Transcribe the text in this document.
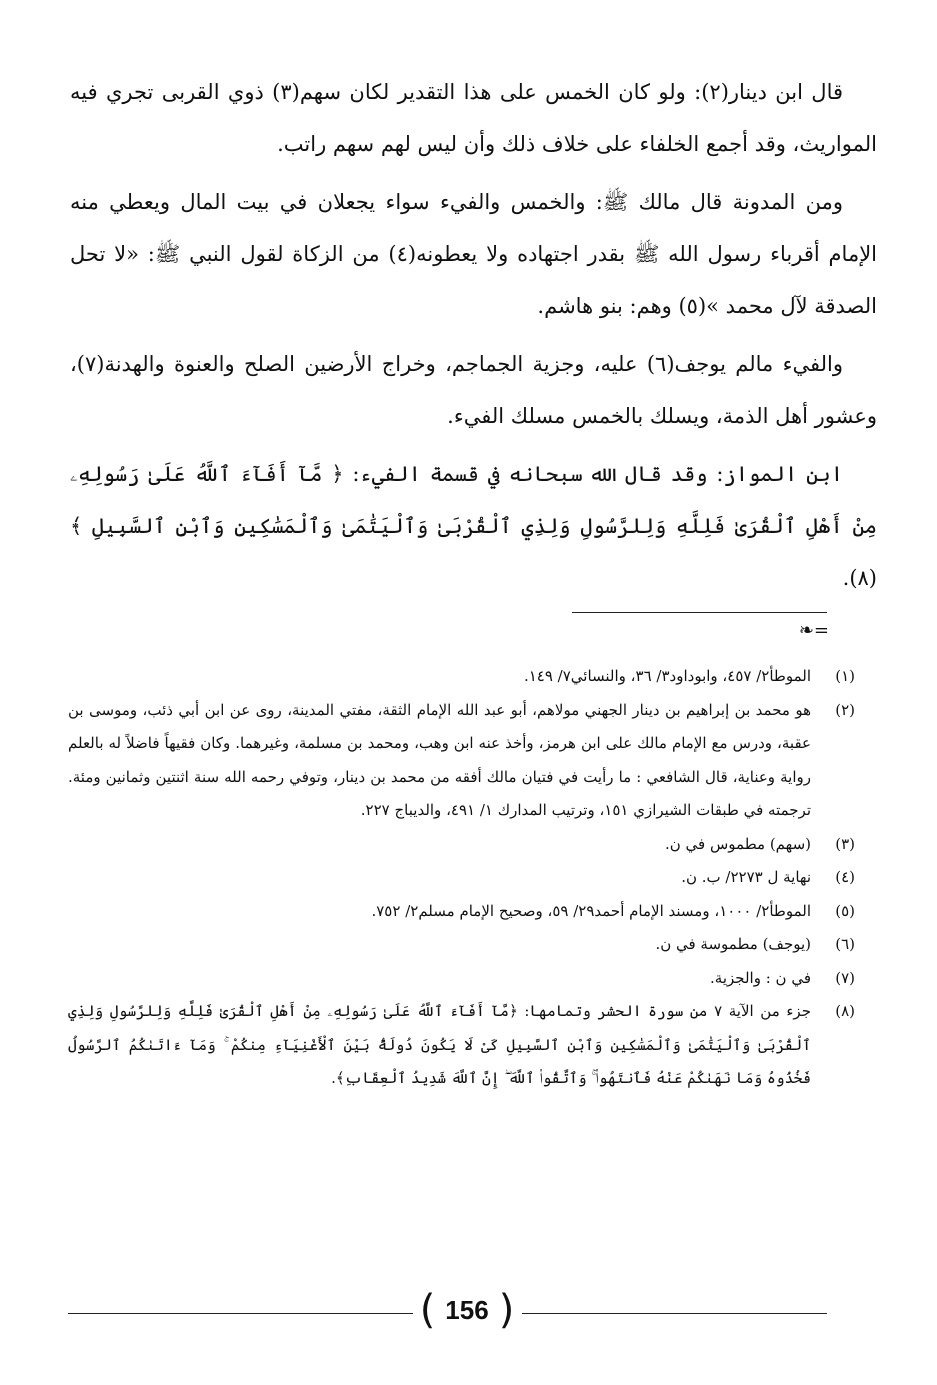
قال ابن دينار(٢): ولو كان الخمس على هذا التقدير لكان سهم(٣) ذوي القربى تجري فيه المواريث، وقد أجمع الخلفاء على خلاف ذلك وأن ليس لهم سهم راتب.

ومن المدونة قال مالك ﷺ: والخمس والفيء سواء يجعلان في بيت المال ويعطي منه الإمام أقرباء رسول الله ﷺ بقدر اجتهاده ولا يعطونه(٤) من الزكاة لقول النبي ﷺ: «لا تحل الصدقة لآل محمد »(٥) وهم: بنو هاشم.

والفيء مالم يوجف(٦) عليه، وجزية الجماجم، وخراج الأرضين الصلح والعنوة والهدنة(٧)، وعشور أهل الذمة، ويسلك بالخمس مسلك الفيء.

ابن المواز: وقد قال الله سبحانه في قسمة الفيء: ﴿ مَّآ أَفَآءَ ٱللَّهُ عَلَىٰ رَسُولِهِۦ مِنْ أَهْلِ ٱلْقُرَىٰ فَلِلَّهِ وَلِلرَّسُولِ وَلِذِي ٱلْقُرْبَىٰ وَٱلْيَتَٰمَىٰ وَٱلْمَسَٰكِينِ وَٱبْنِ ٱلسَّبِيلِ ﴾(٨).

=❧
(١)
الموطأ٢/ ٤٥٧، وابوداود٣/ ٣٦، والنسائي٧/ ١٤٩.
(٢)
هو محمد بن إبراهيم بن دينار الجهني مولاهم، أبو عبد الله الإمام الثقة، مفتي المدينة، روى عن ابن أبي ذئب، وموسى بن عقبة، ودرس مع الإمام مالك على ابن هرمز، وأخذ عنه ابن وهب، ومحمد بن مسلمة، وغيرهما. وكان فقيهاً فاضلاً له بالعلم رواية وعناية، قال الشافعي : ما رأيت في فتيان مالك أفقه من محمد بن دينار، وتوفي رحمه الله سنة اثنتين وثمانين ومئة. ترجمته في طبقات الشيرازي ١٥١، وترتيب المدارك ١/ ٤٩١، والديباج ٢٢٧.
(٣)
(سهم) مطموس في ن.
(٤)
نهاية ل ٢٢٧٣/ ب. ن.
(٥)
الموطأ٢/ ١٠٠٠، ومسند الإمام أحمد٢٩/ ٥٩، وصحيح الإمام مسلم٢/ ٧٥٢.
(٦)
(يوجف) مطموسة في ن.
(٧)
في ن : والجزية.
(٨)
جزء من الآية ٧ من سورة الحشر وتمامها: ﴿مَّآ أَفَآءَ ٱللَّهُ عَلَىٰ رَسُولِهِۦ مِنْ أَهْلِ ٱلْقُرَىٰ فَلِلَّهِ وَلِلرَّسُولِ وَلِذِي ٱلْقُرْبَىٰ وَٱلْيَتَٰمَىٰ وَٱلْمَسَٰكِينِ وَٱبْنِ ٱلسَّبِيلِ كَىْ لَا يَكُونَ دُولَةًۢ بَيْنَ ٱلْأَغْنِيَآءِ مِنكُمْ ۚ وَمَآ ءَاتَىٰكُمُ ٱلرَّسُولُ فَخُذُوهُ وَمَا نَهَىٰكُمْ عَنْهُ فَٱنتَهُوا۟ ۚ وَٱتَّقُوا۟ ٱللَّهَ ۖ إِنَّ ٱللَّهَ شَدِيدُ ٱلْعِقَابِ﴾.
( 156 )
